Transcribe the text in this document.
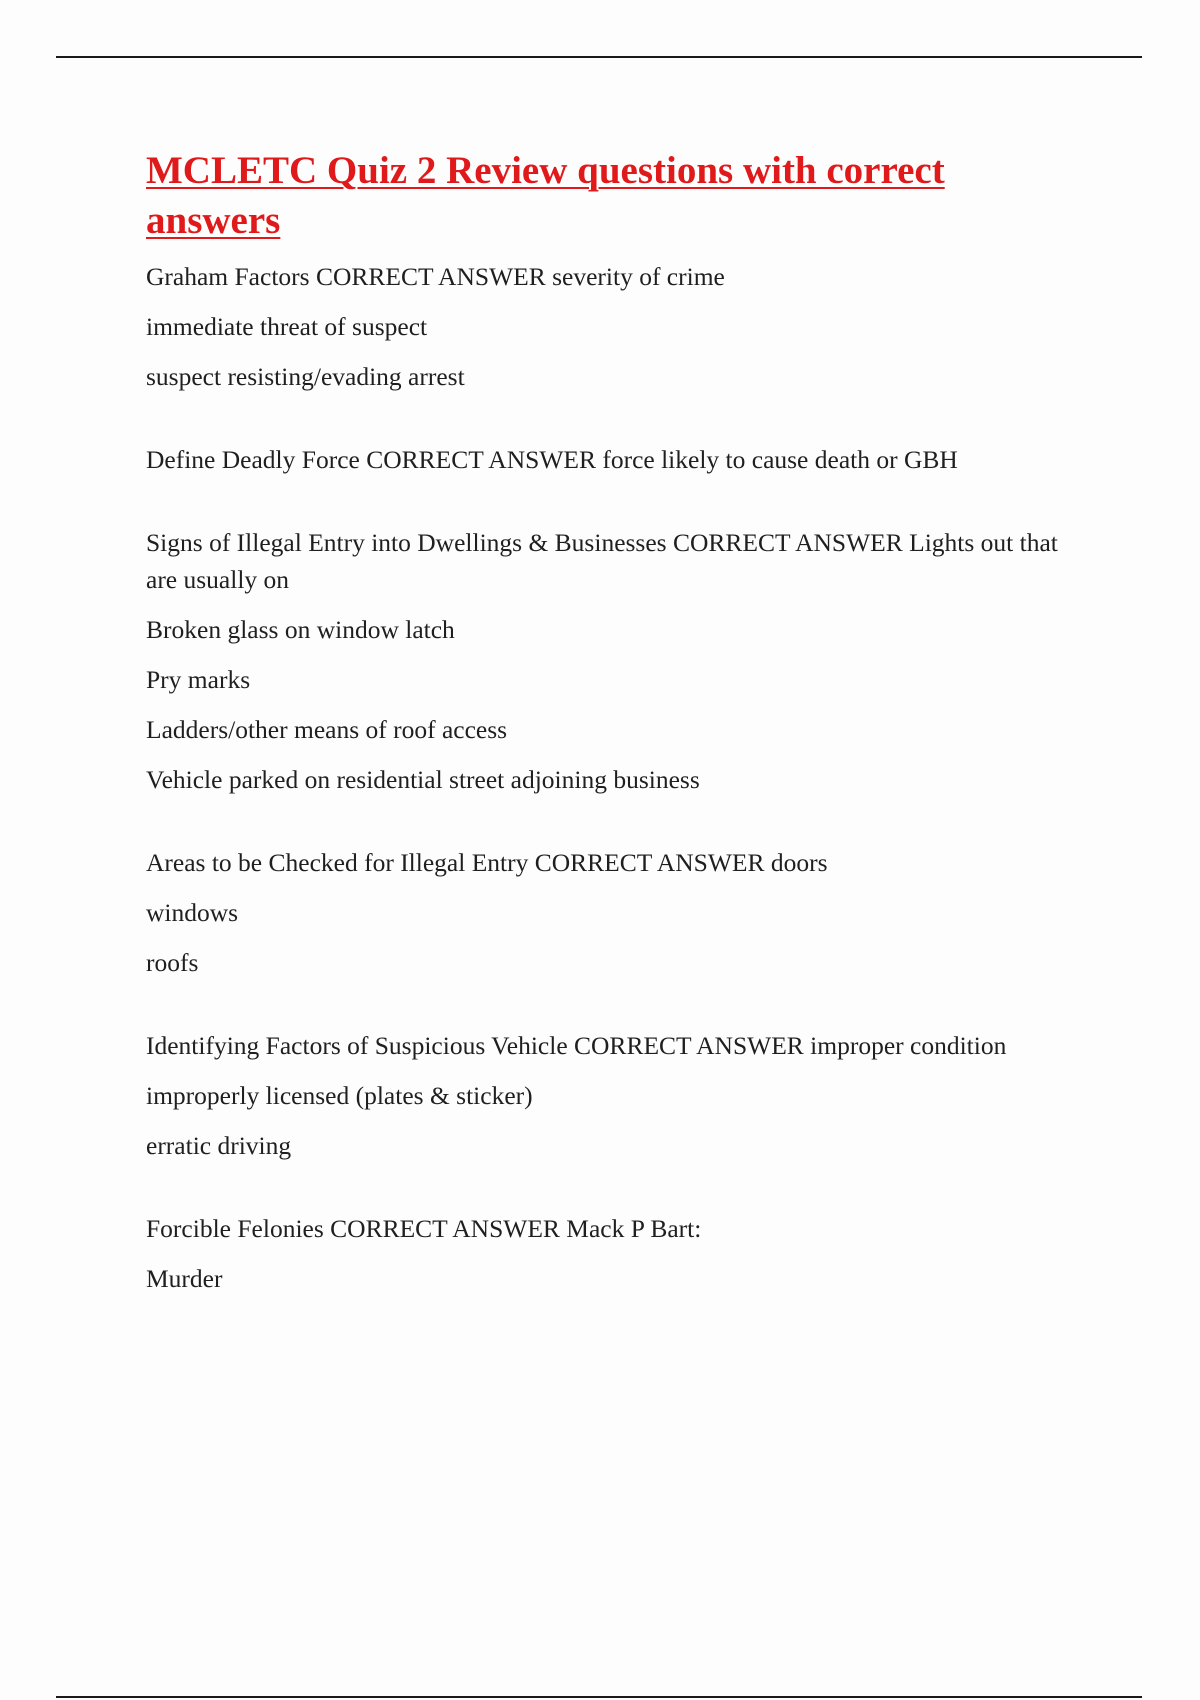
MCLETC Quiz 2 Review questions with correct answers

Graham Factors CORRECT ANSWER severity of crime

immediate threat of suspect

suspect resisting/evading arrest

Define Deadly Force CORRECT ANSWER force likely to cause death or GBH

Signs of Illegal Entry into Dwellings & Businesses CORRECT ANSWER Lights out that are usually on

Broken glass on window latch

Pry marks

Ladders/other means of roof access

Vehicle parked on residential street adjoining business

Areas to be Checked for Illegal Entry CORRECT ANSWER doors

windows

roofs

Identifying Factors of Suspicious Vehicle CORRECT ANSWER improper condition

improperly licensed (plates & sticker)

erratic driving

Forcible Felonies CORRECT ANSWER Mack P Bart:

Murder
